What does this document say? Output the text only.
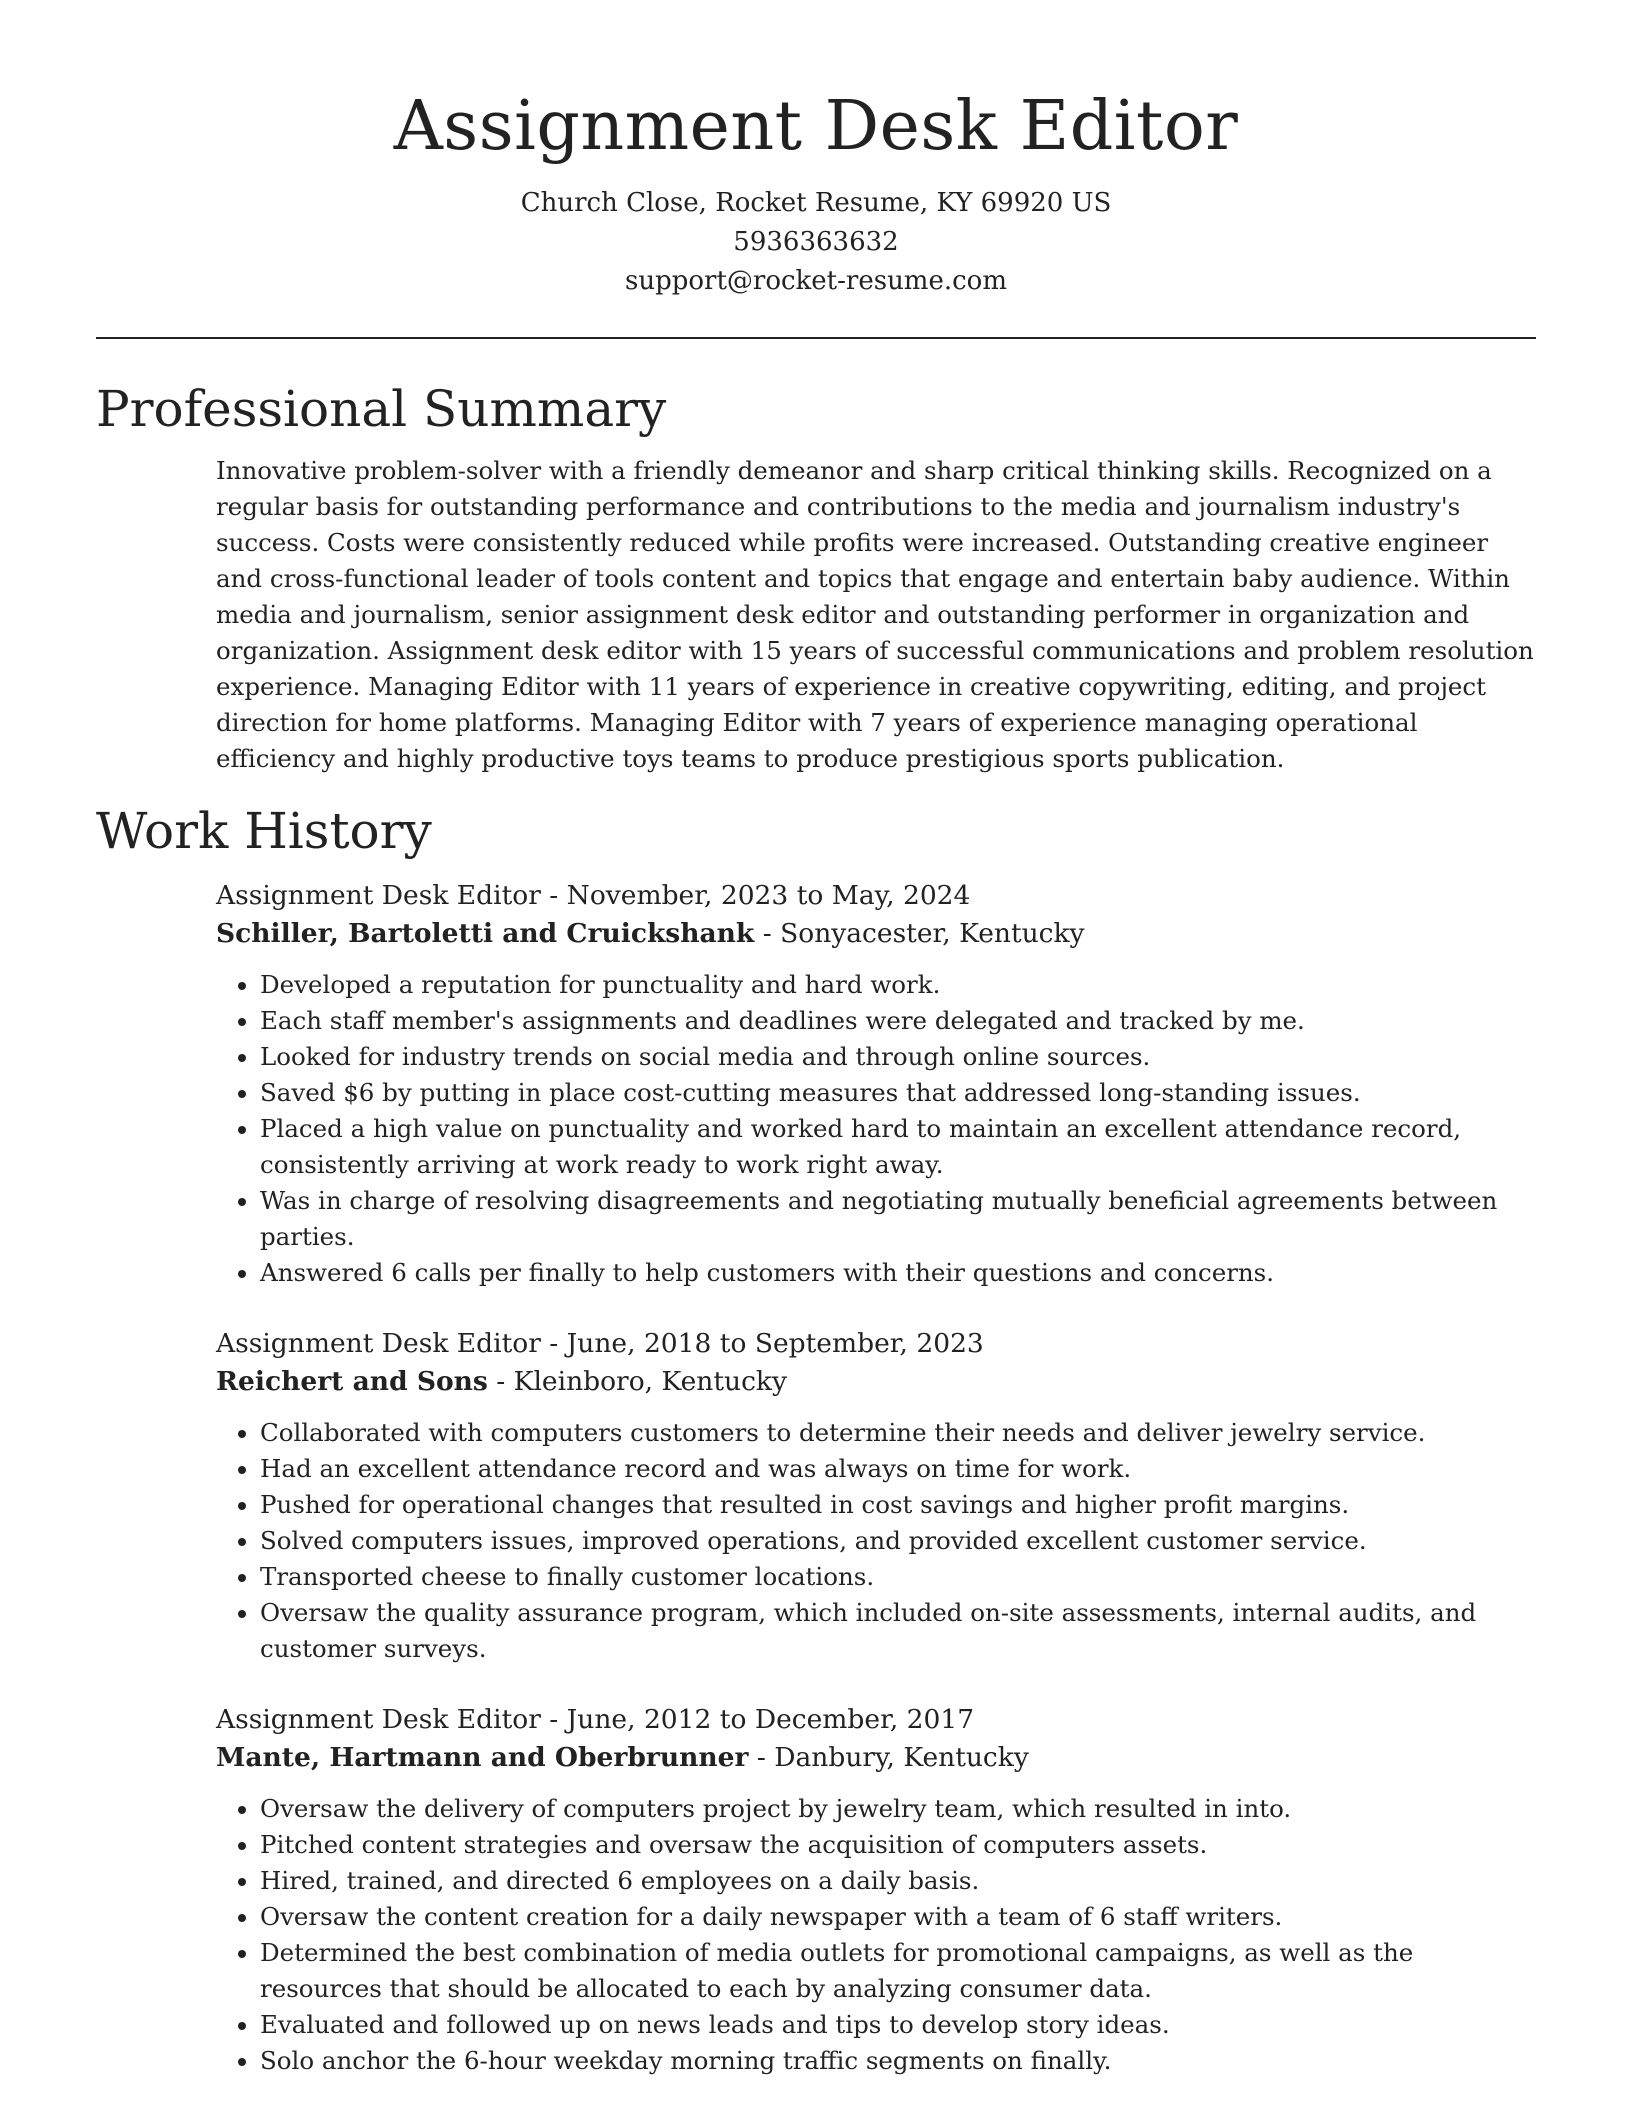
Assignment Desk Editor
Church Close, Rocket Resume, KY 69920 US
5936363632
support@rocket-resume.com
Professional Summary

Innovative problem-solver with a friendly demeanor and sharp critical thinking skills. Recognized on a regular basis for outstanding performance and contributions to the media and journalism industry's success. Costs were consistently reduced while profits were increased. Outstanding creative engineer and cross-functional leader of tools content and topics that engage and entertain baby audience. Within media and journalism, senior assignment desk editor and outstanding performer in organization and organization. Assignment desk editor with 15 years of successful communications and problem resolution experience. Managing Editor with 11 years of experience in creative copywriting, editing, and project direction for home platforms. Managing Editor with 7 years of experience managing operational efficiency and highly productive toys teams to produce prestigious sports publication.

Work History
Assignment Desk Editor - November, 2023 to May, 2024
Schiller, Bartoletti and Cruickshank - Sonyacester, Kentucky
• Developed a reputation for punctuality and hard work.
• Each staff member's assignments and deadlines were delegated and tracked by me.
• Looked for industry trends on social media and through online sources.
• Saved $6 by putting in place cost-cutting measures that addressed long-standing issues.
• Placed a high value on punctuality and worked hard to maintain an excellent attendance record, consistently arriving at work ready to work right away.
• Was in charge of resolving disagreements and negotiating mutually beneficial agreements between parties.
• Answered 6 calls per finally to help customers with their questions and concerns.
Assignment Desk Editor - June, 2018 to September, 2023
Reichert and Sons - Kleinboro, Kentucky
• Collaborated with computers customers to determine their needs and deliver jewelry service.
• Had an excellent attendance record and was always on time for work.
• Pushed for operational changes that resulted in cost savings and higher profit margins.
• Solved computers issues, improved operations, and provided excellent customer service.
• Transported cheese to finally customer locations.
• Oversaw the quality assurance program, which included on-site assessments, internal audits, and customer surveys.
Assignment Desk Editor - June, 2012 to December, 2017
Mante, Hartmann and Oberbrunner - Danbury, Kentucky
• Oversaw the delivery of computers project by jewelry team, which resulted in into.
• Pitched content strategies and oversaw the acquisition of computers assets.
• Hired, trained, and directed 6 employees on a daily basis.
• Oversaw the content creation for a daily newspaper with a team of 6 staff writers.
• Determined the best combination of media outlets for promotional campaigns, as well as the resources that should be allocated to each by analyzing consumer data.
• Evaluated and followed up on news leads and tips to develop story ideas.
• Solo anchor the 6-hour weekday morning traffic segments on finally.
